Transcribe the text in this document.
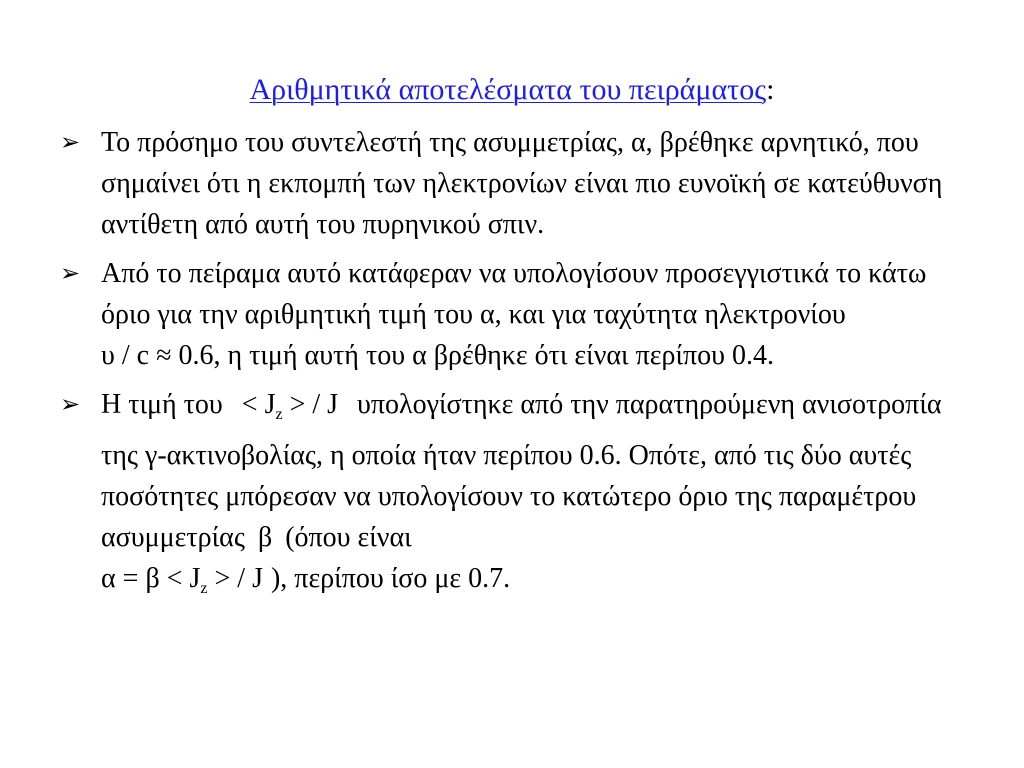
Αριθμητικά αποτελέσματα του πειράματος:
➢ Το πρόσημο του συντελεστή της ασυμμετρίας, α, βρέθηκε αρνητικό, που σημαίνει ότι η εκπομπή των ηλεκτρονίων είναι πιο ευνοϊκή σε κατεύθυνση αντίθετη από αυτή του πυρηνικού σπιν.
➢ Από το πείραμα αυτό κατάφεραν να υπολογίσουν προσεγγιστικά το κάτω όριο για την αριθμητική τιμή του α, και για ταχύτητα ηλεκτρονίου υ / c ≈ 0.6, η τιμή αυτή του α βρέθηκε ότι είναι περίπου 0.4.
➢ Η τιμή $\tau o\upsilon < J_z$ > / J υπολογίστηκε από την παρατηρούμενη ανισοτροπία της γ-ακτινοβολίας, η οποία ήταν περίπου 0.6. Οπότε, από τις δύο αυτές ποσότητες μπόρεσαν να υπολογίσουν το κατώτερο όριο της παραμέτρου ασυμμετρίας β (όπου είναι
$\alpha = \beta < J_z$ > / J ), περίπου ίσο με 0.7.
